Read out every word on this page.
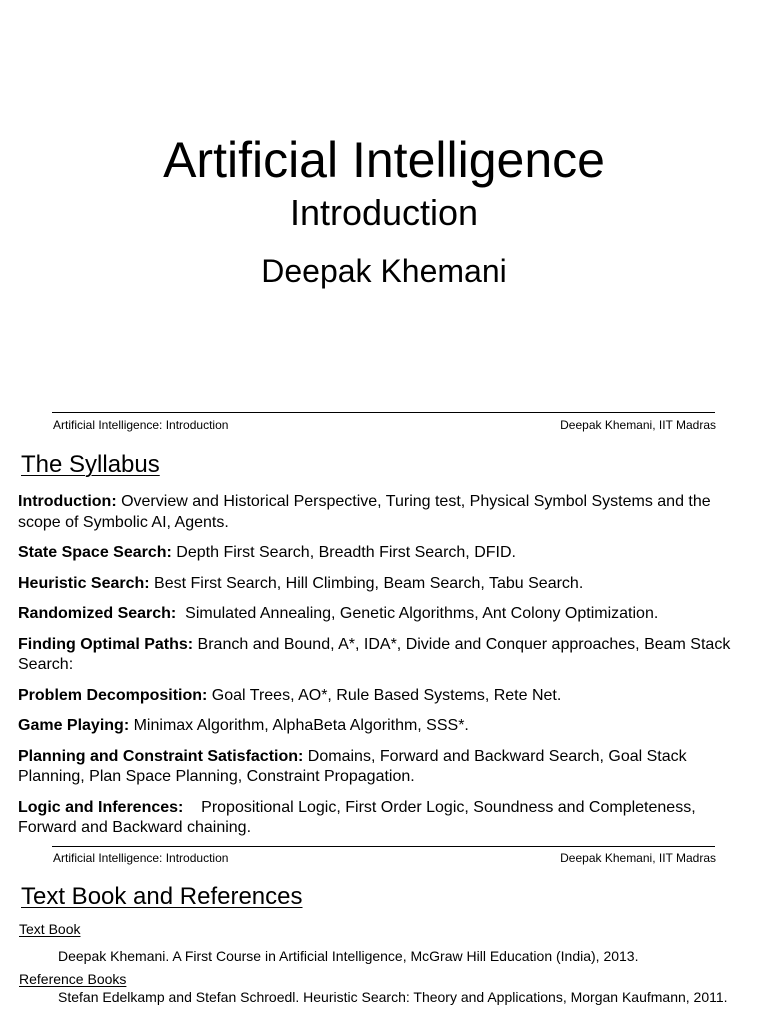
Artificial Intelligence
Introduction
Deepak Khemani
Artificial Intelligence: Introduction	Deepak Khemani, IIT Madras
The Syllabus
Introduction: Overview and Historical Perspective, Turing test, Physical Symbol Systems and the scope of Symbolic AI, Agents.
State Space Search: Depth First Search, Breadth First Search, DFID.
Heuristic Search: Best First Search, Hill Climbing, Beam Search, Tabu Search.
Randomized Search:  Simulated Annealing, Genetic Algorithms, Ant Colony Optimization.
Finding Optimal Paths: Branch and Bound, A*, IDA*, Divide and Conquer approaches, Beam Stack Search:
Problem Decomposition: Goal Trees, AO*, Rule Based Systems, Rete Net.
Game Playing: Minimax Algorithm, AlphaBeta Algorithm, SSS*.
Planning and Constraint Satisfaction: Domains, Forward and Backward Search, Goal Stack Planning, Plan Space Planning, Constraint Propagation.
Logic and Inferences:    Propositional Logic, First Order Logic, Soundness and Completeness, Forward and Backward chaining.
Artificial Intelligence: Introduction	Deepak Khemani, IIT Madras
Text Book and References
Text Book
Deepak Khemani. A First Course in Artificial Intelligence, McGraw Hill Education (India), 2013.
Reference Books
Stefan Edelkamp and Stefan Schroedl. Heuristic Search: Theory and Applications, Morgan Kaufmann, 2011.
